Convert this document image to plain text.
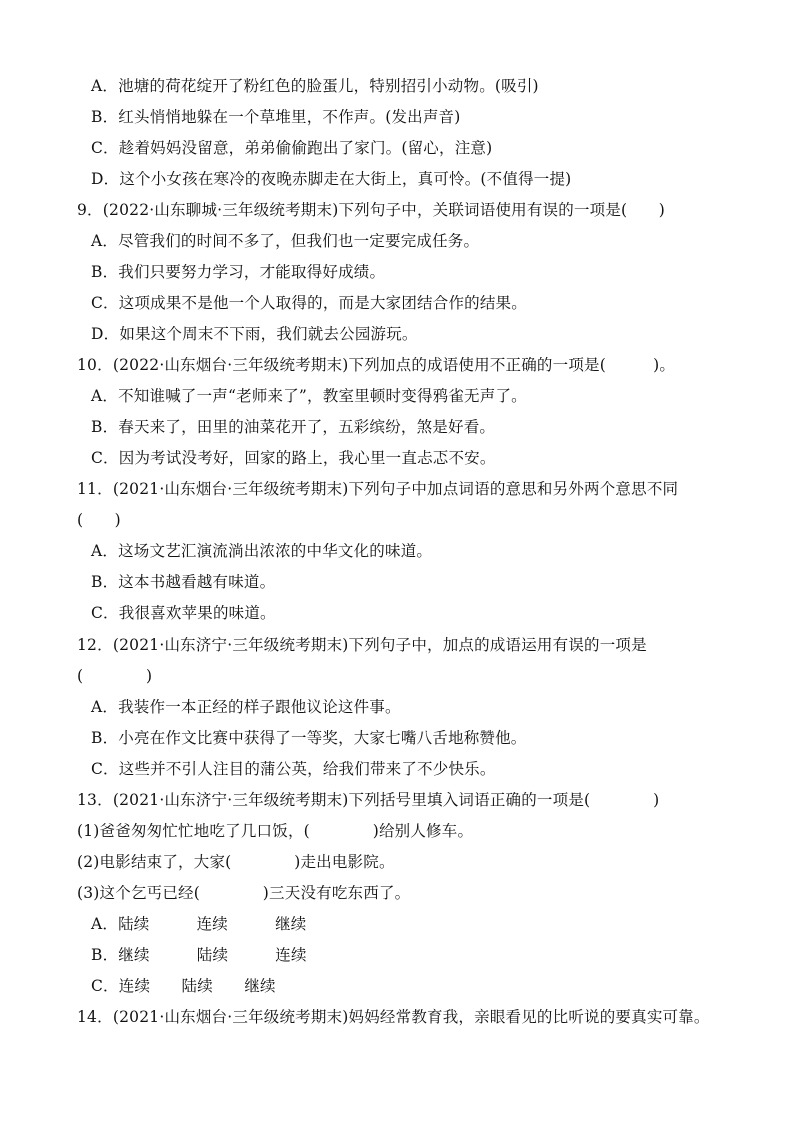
A．池塘的荷花绽开了粉红色的脸蛋儿，特别招引小动物。(吸引)
B．红头悄悄地躲在一个草堆里，不作声。(发出声音)
C．趁着妈妈没留意，弟弟偷偷跑出了家门。(留心，注意)
D．这个小女孩在寒冷的夜晚赤脚走在大街上，真可怜。(不值得一提)
9．(2022·山东聊城·三年级统考期末)下列句子中，关联词语使用有误的一项是(　　)
A．尽管我们的时间不多了，但我们也一定要完成任务。
B．我们只要努力学习，才能取得好成绩。
C．这项成果不是他一个人取得的，而是大家团结合作的结果。
D．如果这个周末不下雨，我们就去公园游玩。
10．(2022·山东烟台·三年级统考期末)下列加点的成语使用不正确的一项是(　　　)。
A．不知谁喊了一声“老师来了”，教室里顿时变得鸦雀无声了。
B．春天来了，田里的油菜花开了，五彩缤纷，煞是好看。
C．因为考试没考好，回家的路上，我心里一直忐忑不安。
11．(2021·山东烟台·三年级统考期末)下列句子中加点词语的意思和另外两个意思不同
(　　)
A．这场文艺汇演流淌出浓浓的中华文化的味道。
B．这本书越看越有味道。
C．我很喜欢苹果的味道。
12．(2021·山东济宁·三年级统考期末)下列句子中，加点的成语运用有误的一项是
(　　　　)
A．我装作一本正经的样子跟他议论这件事。
B．小亮在作文比赛中获得了一等奖，大家七嘴八舌地称赞他。
C．这些并不引人注目的蒲公英，给我们带来了不少快乐。
13．(2021·山东济宁·三年级统考期末)下列括号里填入词语正确的一项是(　　　　)
(1)爸爸匆匆忙忙地吃了几口饭，(　　　　)给别人修车。
(2)电影结束了，大家(　　　　)走出电影院。
(3)这个乞丐已经(　　　　)三天没有吃东西了。
A．陆续　　　连续　　　继续
B．继续　　　陆续　　　连续
C．连续　　陆续　　继续
14．(2021·山东烟台·三年级统考期末)妈妈经常教育我，亲眼看见的比听说的要真实可靠。
